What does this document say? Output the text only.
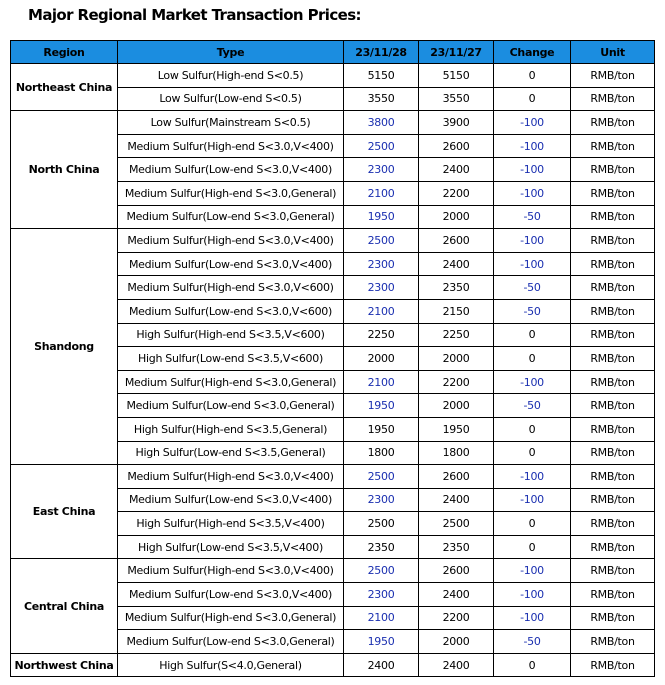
Major Regional Market Transaction Prices:
Region	Type	23/11/28	23/11/27	Change	Unit
Northeast China	Low Sulfur(High-end S<0.5)	5150	5150	0	RMB/ton
	Low Sulfur(Low-end S<0.5)	3550	3550	0	RMB/ton
North China	Low Sulfur(Mainstream S<0.5)	3800	3900	-100	RMB/ton
	Medium Sulfur(High-end S<3.0,V<400)	2500	2600	-100	RMB/ton
	Medium Sulfur(Low-end S<3.0,V<400)	2300	2400	-100	RMB/ton
	Medium Sulfur(High-end S<3.0,General)	2100	2200	-100	RMB/ton
	Medium Sulfur(Low-end S<3.0,General)	1950	2000	-50	RMB/ton
Shandong	Medium Sulfur(High-end S<3.0,V<400)	2500	2600	-100	RMB/ton
	Medium Sulfur(Low-end S<3.0,V<400)	2300	2400	-100	RMB/ton
	Medium Sulfur(High-end S<3.0,V<600)	2300	2350	-50	RMB/ton
	Medium Sulfur(Low-end S<3.0,V<600)	2100	2150	-50	RMB/ton
	High Sulfur(High-end S<3.5,V<600)	2250	2250	0	RMB/ton
	High Sulfur(Low-end S<3.5,V<600)	2000	2000	0	RMB/ton
	Medium Sulfur(High-end S<3.0,General)	2100	2200	-100	RMB/ton
	Medium Sulfur(Low-end S<3.0,General)	1950	2000	-50	RMB/ton
	High Sulfur(High-end S<3.5,General)	1950	1950	0	RMB/ton
	High Sulfur(Low-end S<3.5,General)	1800	1800	0	RMB/ton
East China	Medium Sulfur(High-end S<3.0,V<400)	2500	2600	-100	RMB/ton
	Medium Sulfur(Low-end S<3.0,V<400)	2300	2400	-100	RMB/ton
	High Sulfur(High-end S<3.5,V<400)	2500	2500	0	RMB/ton
	High Sulfur(Low-end S<3.5,V<400)	2350	2350	0	RMB/ton
Central China	Medium Sulfur(High-end S<3.0,V<400)	2500	2600	-100	RMB/ton
	Medium Sulfur(Low-end S<3.0,V<400)	2300	2400	-100	RMB/ton
	Medium Sulfur(High-end S<3.0,General)	2100	2200	-100	RMB/ton
	Medium Sulfur(Low-end S<3.0,General)	1950	2000	-50	RMB/ton
Northwest China	High Sulfur(S<4.0,General)	2400	2400	0	RMB/ton
